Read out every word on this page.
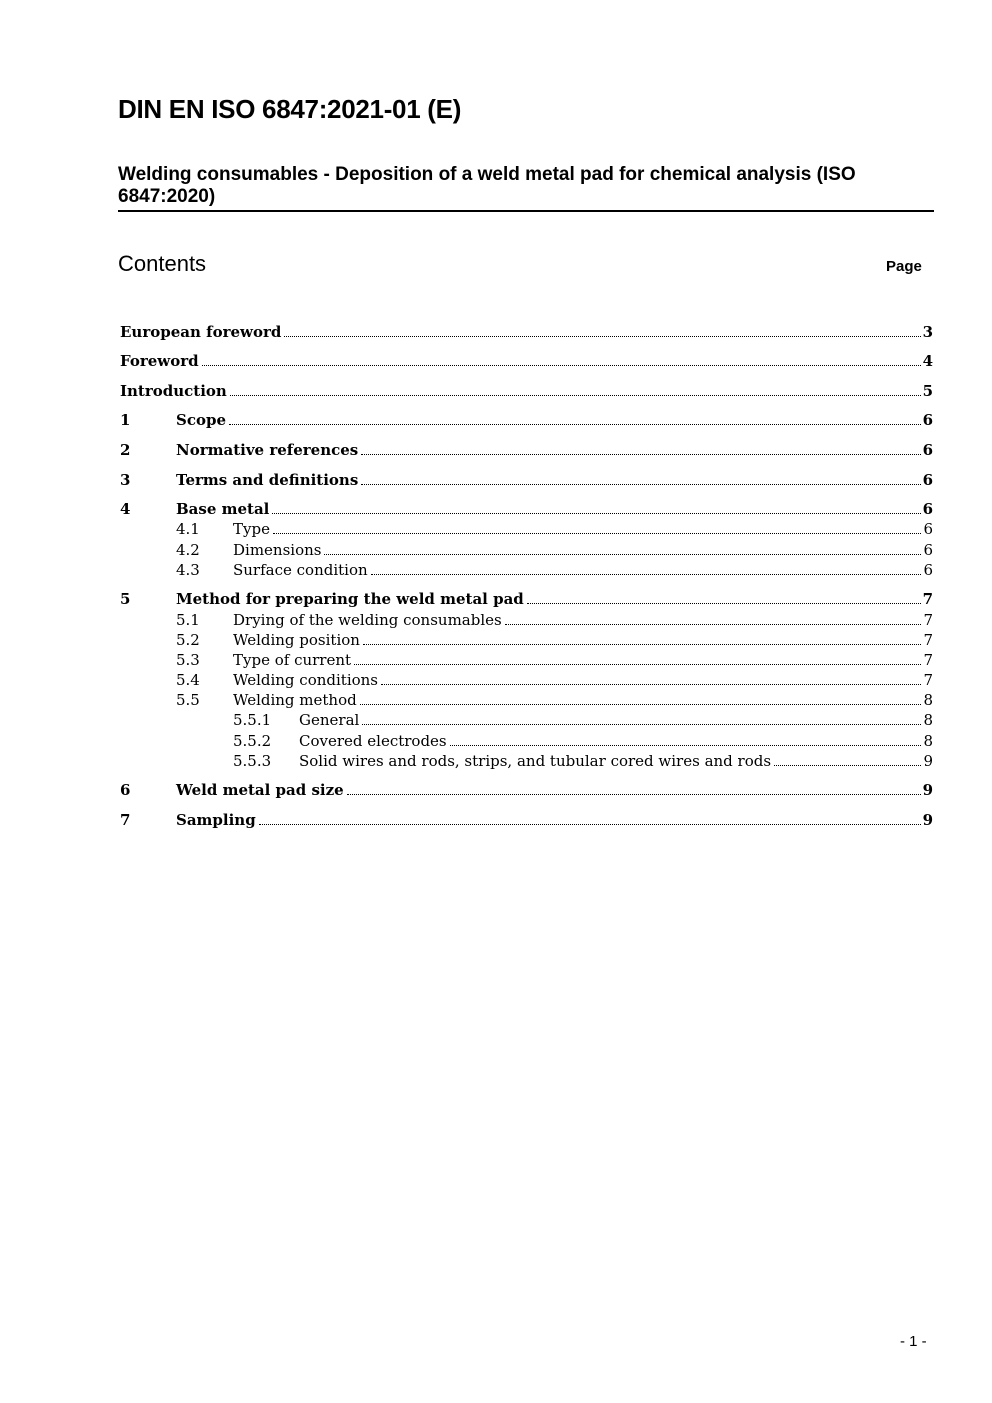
DIN EN ISO 6847:2021-01 (E)
Welding consumables - Deposition of a weld metal pad for chemical analysis (ISO 6847:2020)
Contents	Page
European foreword	3
Foreword	4
Introduction	5
1	Scope	6
2	Normative references	6
3	Terms and definitions	6
4	Base metal	6
4.1	Type	6
4.2	Dimensions	6
4.3	Surface condition	6
5	Method for preparing the weld metal pad	7
5.1	Drying of the welding consumables	7
5.2	Welding position	7
5.3	Type of current	7
5.4	Welding conditions	7
5.5	Welding method	8
5.5.1	General	8
5.5.2	Covered electrodes	8
5.5.3	Solid wires and rods, strips, and tubular cored wires and rods	9
6	Weld metal pad size	9
7	Sampling	9
- 1 -
